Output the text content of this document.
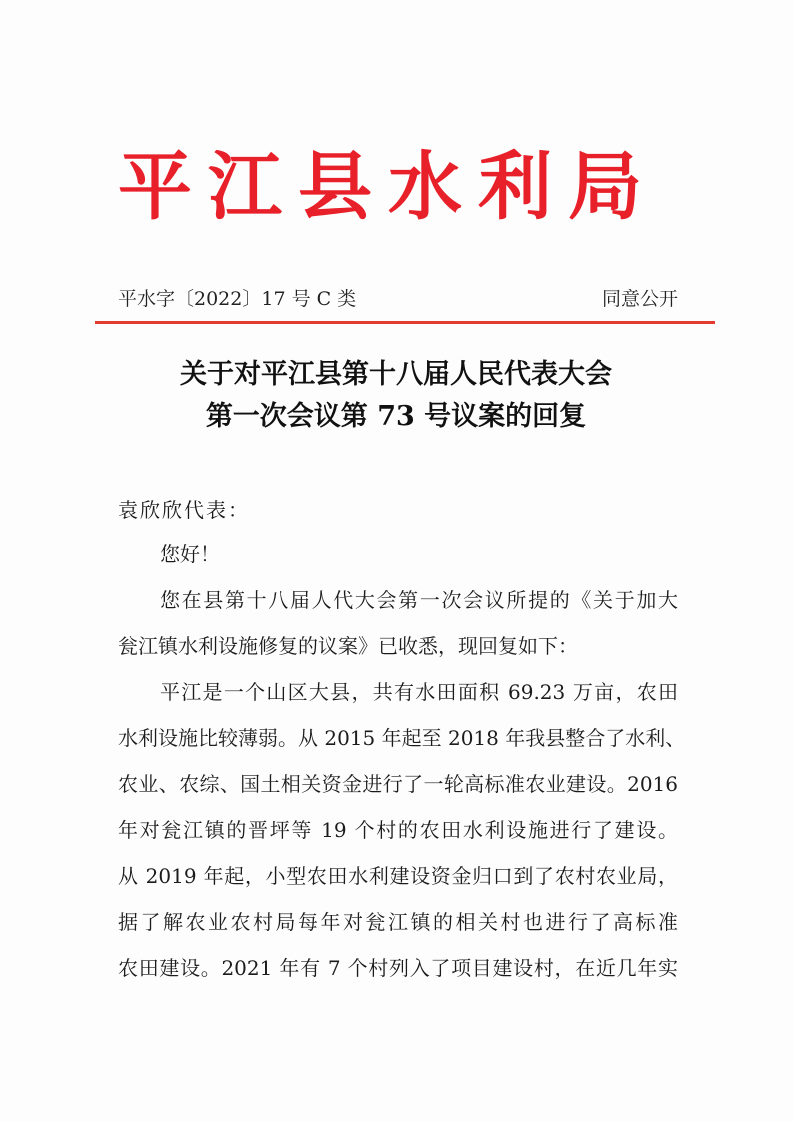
平江县水利局
平水字〔2022〕17 号 C 类	同意公开
关于对平江县第十八届人民代表大会
第一次会议第 73 号议案的回复
袁欣欣代表：
您好！
您在县第十八届人代大会第一次会议所提的《关于加大
瓮江镇水利设施修复的议案》已收悉，现回复如下：
平江是一个山区大县，共有水田面积 69.23 万亩，农田
水利设施比较薄弱。从 2015 年起至 2018 年我县整合了水利、
农业、农综、国土相关资金进行了一轮高标准农业建设。2016
年对瓮江镇的晋坪等 19 个村的农田水利设施进行了建设。
从 2019 年起，小型农田水利建设资金归口到了农村农业局，
据了解农业农村局每年对瓮江镇的相关村也进行了高标准
农田建设。2021 年有 7 个村列入了项目建设村，在近几年实
